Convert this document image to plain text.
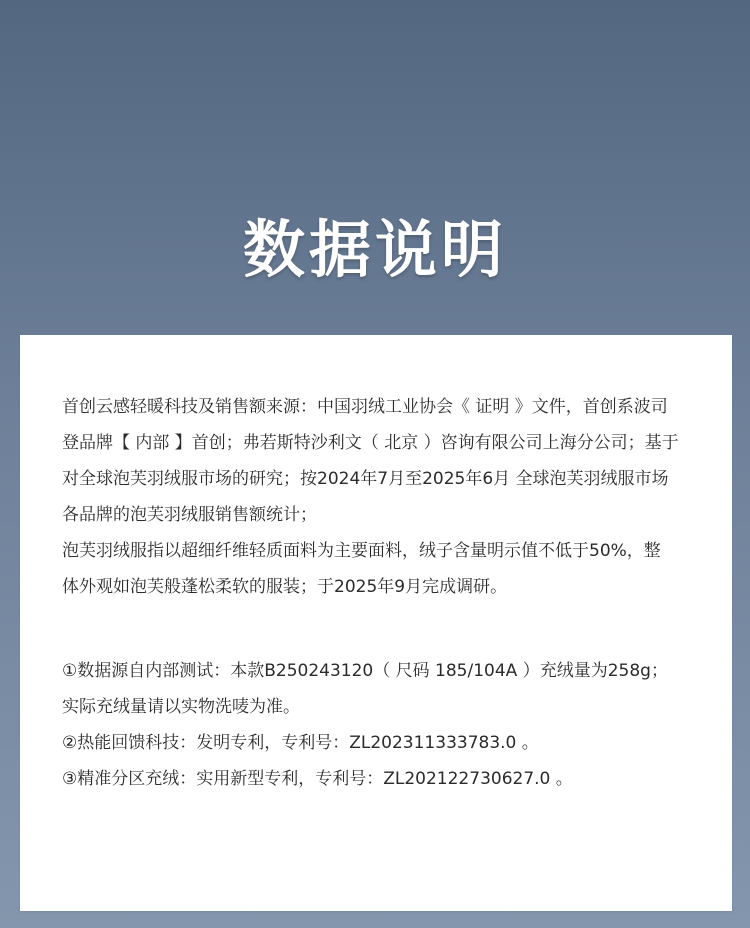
数据说明
首创云感轻暖科技及销售额来源：中国羽绒工业协会《 证明 》文件，首创系波司
登品牌【 内部 】首创；弗若斯特沙利文（ 北京 ）咨询有限公司上海分公司；基于
对全球泡芙羽绒服市场的研究；按2024年7月至2025年6月 全球泡芙羽绒服市场
各品牌的泡芙羽绒服销售额统计；
泡芙羽绒服指以超细纤维轻质面料为主要面料，绒子含量明示值不低于50%，整
体外观如泡芙般蓬松柔软的服装；于2025年9月完成调研。
①数据源自内部测试：本款B250243120（ 尺码 185/104A ）充绒量为258g；
实际充绒量请以实物洗唛为准。
②热能回馈科技：发明专利，专利号：ZL202311333783.0 。
③精准分区充绒：实用新型专利，专利号：ZL202122730627.0 。
